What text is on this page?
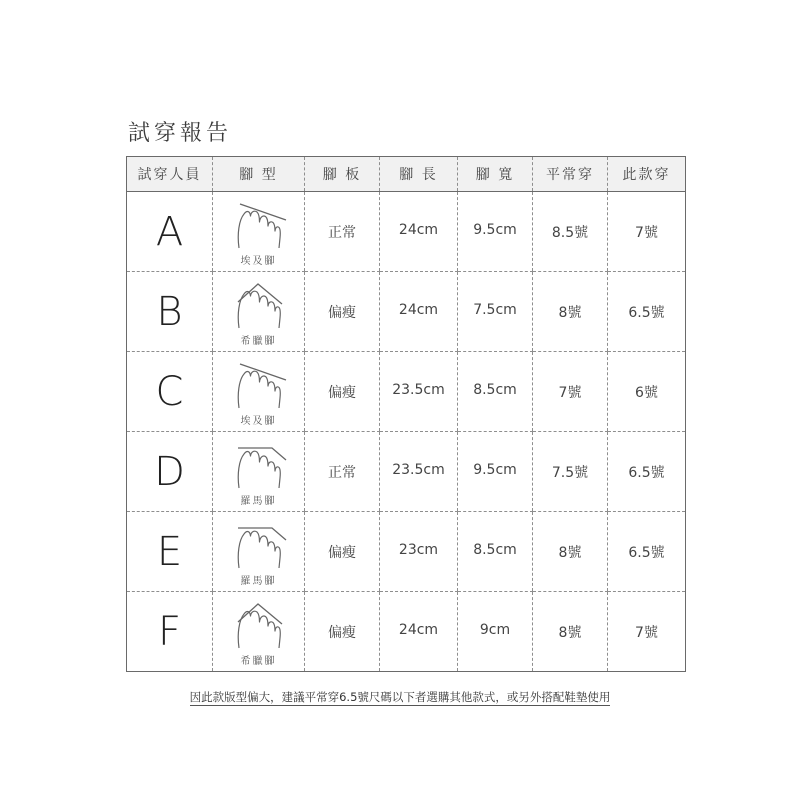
試穿報告
試穿人員	腳 型	腳 板	腳 長	腳 寬	平常穿	此款穿
A	埃及腳	正常	24cm	9.5cm	8.5號	7號
B	希臘腳	偏瘦	24cm	7.5cm	8號	6.5號
C	埃及腳	偏瘦	23.5cm	8.5cm	7號	6號
D	羅馬腳	正常	23.5cm	9.5cm	7.5號	6.5號
E	羅馬腳	偏瘦	23cm	8.5cm	8號	6.5號
F	希臘腳	偏瘦	24cm	9cm	8號	7號
因此款版型偏大，建議平常穿6.5號尺碼以下者選購其他款式，或另外搭配鞋墊使用
